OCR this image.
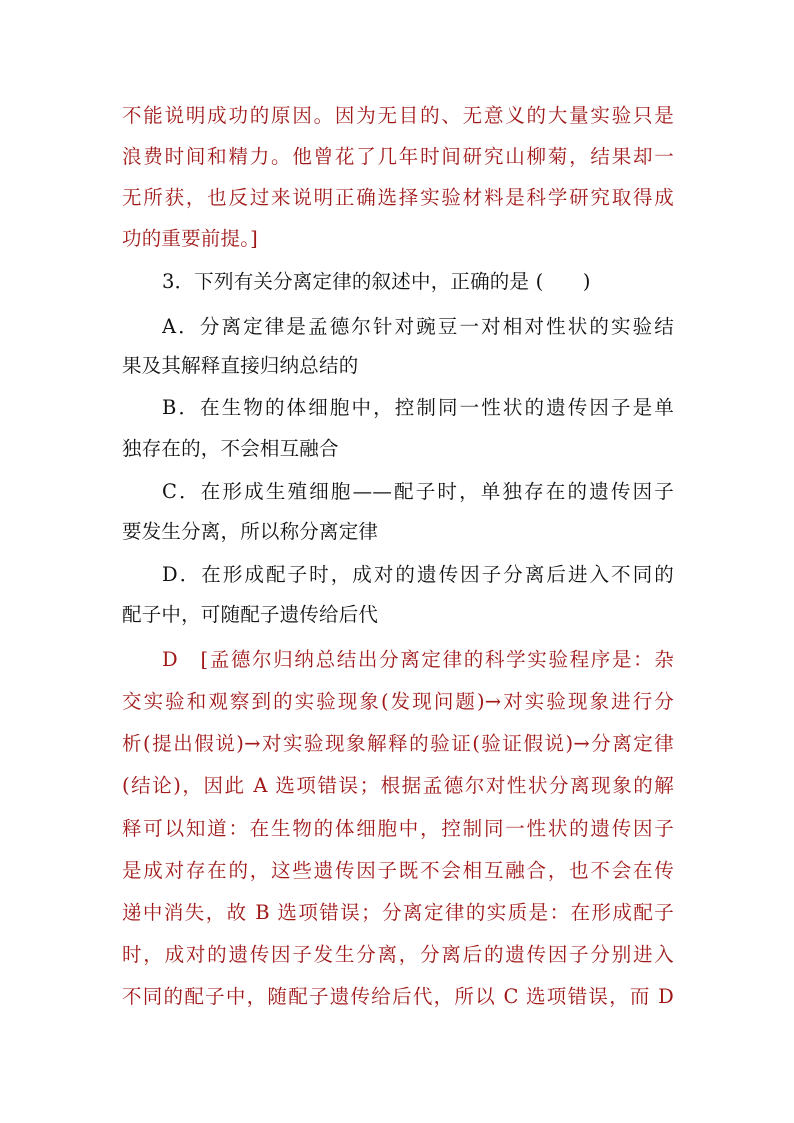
不能说明成功的原因。因为无目的、无意义的大量实验只是
浪费时间和精力。他曾花了几年时间研究山柳菊，结果却一
无所获，也反过来说明正确选择实验材料是科学研究取得成
功的重要前提。]
3．下列有关分离定律的叙述中，正确的是 (　　)
A．分离定律是孟德尔针对豌豆一对相对性状的实验结
果及其解释直接归纳总结的
B．在生物的体细胞中，控制同一性状的遗传因子是单
独存在的，不会相互融合
C．在形成生殖细胞——配子时，单独存在的遗传因子
要发生分离，所以称分离定律
D．在形成配子时，成对的遗传因子分离后进入不同的
配子中，可随配子遗传给后代
D　[孟德尔归纳总结出分离定律的科学实验程序是：杂
交实验和观察到的实验现象(发现问题)→对实验现象进行分
析(提出假说)→对实验现象解释的验证(验证假说)→分离定律
(结论)，因此 A 选项错误；根据孟德尔对性状分离现象的解
释可以知道：在生物的体细胞中，控制同一性状的遗传因子
是成对存在的，这些遗传因子既不会相互融合，也不会在传
递中消失，故 B 选项错误；分离定律的实质是：在形成配子
时，成对的遗传因子发生分离，分离后的遗传因子分别进入
不同的配子中，随配子遗传给后代，所以 C 选项错误，而 D
